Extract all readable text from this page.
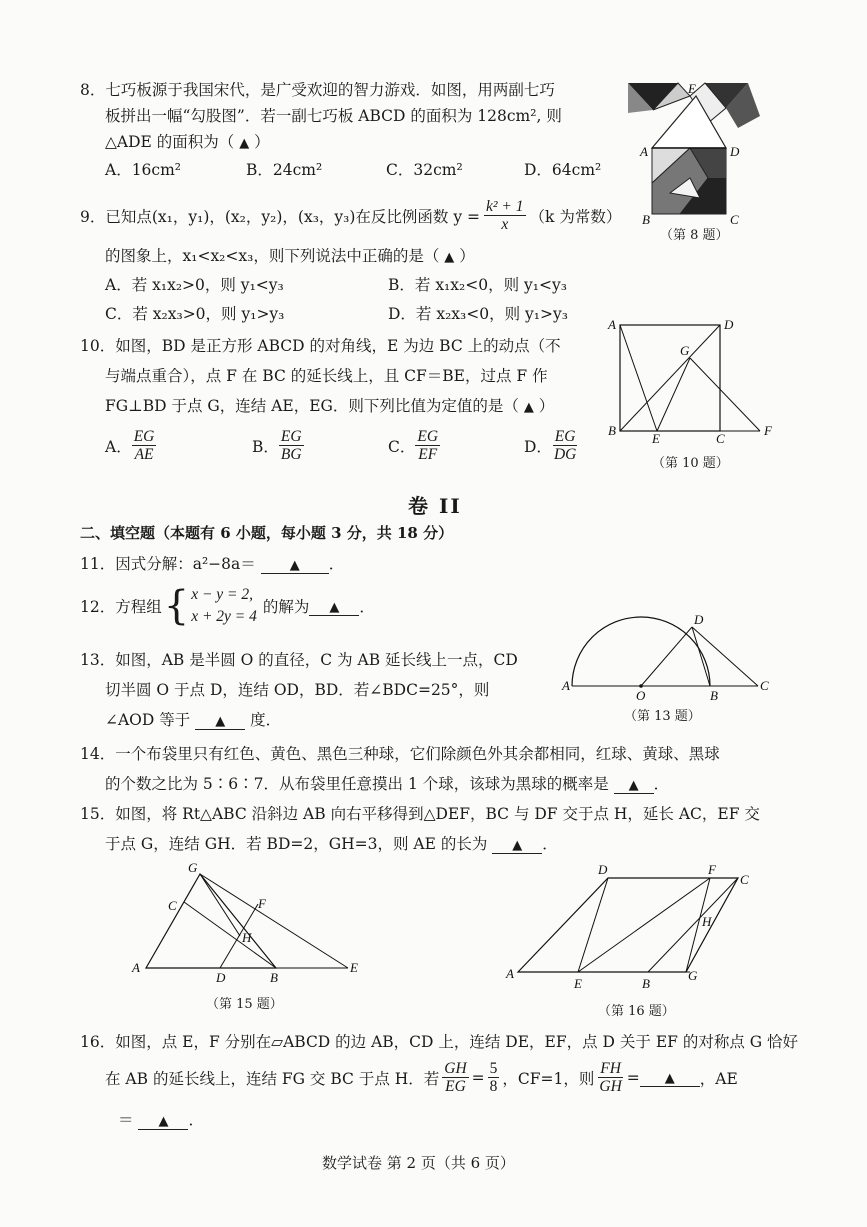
8．七巧板源于我国宋代，是广受欢迎的智力游戏．如图，用两副七巧
板拼出一幅“勾股图”．若一副七巧板 ABCD 的面积为 128cm², 则
△ADE 的面积为（ ▲ ）
A．16cm²	B．24cm²	C．32cm²	D．64cm²
E
A	D
B	C
（第 8 题）
9．已知点(x₁，y₁)，(x₂，y₂)，(x₃，y₃)在反比例函数 $y = \frac{\text{k² + 1}}{x} (k$ 为常数）
的图象上，x₁<x₂<x₃，则下列说法中正确的是（ ▲ ）
A．若 x₁x₂>0，则 y₁<y₃	B．若 x₁x₂<0，则 y₁<y₃
C．若 x₂x₃>0，则 y₁>y₃	D．若 x₂x₃<0，则 y₁>y₃
10．如图，BD 是正方形 ABCD 的对角线，E 为边 BC 上的动点（不
与端点重合），点 F 在 BC 的延长线上，且 CF＝BE，过点 F 作
FG⊥BD 于点 G，连结 AE，EG．则下列比值为定值的是（ ▲ ）
A． $\frac{EG}{AE}$	B． $\frac{EG}{BG}$	C． $\frac{EG}{EF}$	D． $\frac{EG}{DG}$
A	D
G
B
E	C
F
（第 10 题）
卷 II
二、填空题（本题有 6 小题，每小题 3 分，共 18 分）
11．因式分解：a²−8a＝	▲ ．
12．方程组 { x − y = 2,
x + 2y = 4
的解为	▲	．
13．如图，AB 是半圆 O 的直径，C 为 AB 延长线上一点，CD
切半圆 O 于点 D，连结 OD，BD．若∠BDC=25°，则
∠AOD 等于 ▲ 度．
A
O	B
C
D
（第 13 题）
14．一个布袋里只有红色、黄色、黑色三种球，它们除颜色外其余都相同，红球、黄球、黑球
的个数之比为 5∶6∶7．从布袋里任意摸出 1 个球，该球为黑球的概率是 ▲ ．
15．如图，将 Rt△ABC 沿斜边 AB 向右平移得到△DEF，BC 与 DF 交于点 H，延长 AC，EF 交
于点 G，连结 GH．若 BD=2，GH=3，则 AE 的长为 ▲ ．
G
C	F
H
A
D	B
E
（第 15 题）
D	F
C
H
A
E	B
G
（第 16 题）
16．如图，点 E，F 分别在▱ABCD 的边 AB，CD 上，连结 DE，EF，点 D 关于 EF 的对称点 G 恰好
在 AB 的延长线上，连结 FG 交 BC 于点 H．若 $\frac{GH}{EG} = \frac{5}{8}$ ，CF=1，则 $\frac{FH}{GH}$ =	▲	，AE
＝ ▲ ．
数学试卷 第 2 页（共 6 页）
